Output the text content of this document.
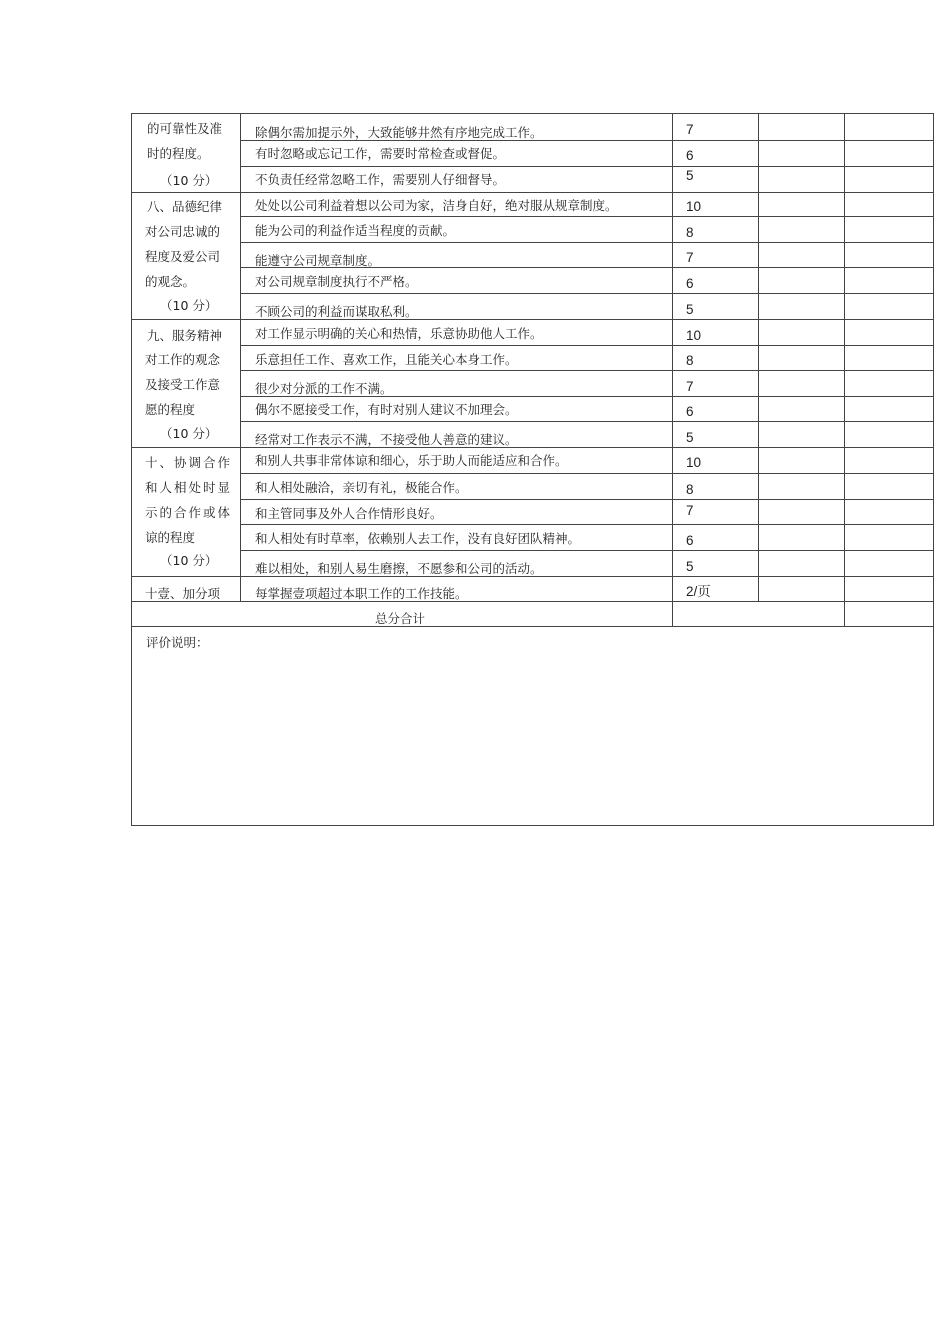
的可靠性及准
时的程度。
（10 分）
除偶尔需加提示外，大致能够井然有序地完成工作。	7
有时忽略或忘记工作，需要时常检查或督促。	6
不负责任经常忽略工作，需要别人仔细督导。	5
八、品德纪律
对公司忠诚的
程度及爱公司
的观念。
（10 分）
处处以公司利益着想以公司为家，洁身自好，绝对服从规章制度。	10
能为公司的利益作适当程度的贡献。	8
能遵守公司规章制度。	7
对公司规章制度执行不严格。	6
不顾公司的利益而谋取私利。	5
九、服务精神
对工作的观念
及接受工作意
愿的程度
（10 分）
对工作显示明确的关心和热情，乐意协助他人工作。	10
乐意担任工作、喜欢工作，且能关心本身工作。	8
很少对分派的工作不满。	7
偶尔不愿接受工作，有时对别人建议不加理会。	6
经常对工作表示不满，不接受他人善意的建议。	5
十、协调合作
和人相处时显
示的合作或体
谅的程度
（10 分）
和别人共事非常体谅和细心，乐于助人而能适应和合作。	10
和人相处融洽，亲切有礼，极能合作。	8
和主管同事及外人合作情形良好。	7
和人相处有时草率，依赖别人去工作，没有良好团队精神。	6
难以相处，和别人易生磨擦，不愿参和公司的活动。	5
十壹、加分项	每掌握壹项超过本职工作的工作技能。	2/页
总分合计
评价说明：
